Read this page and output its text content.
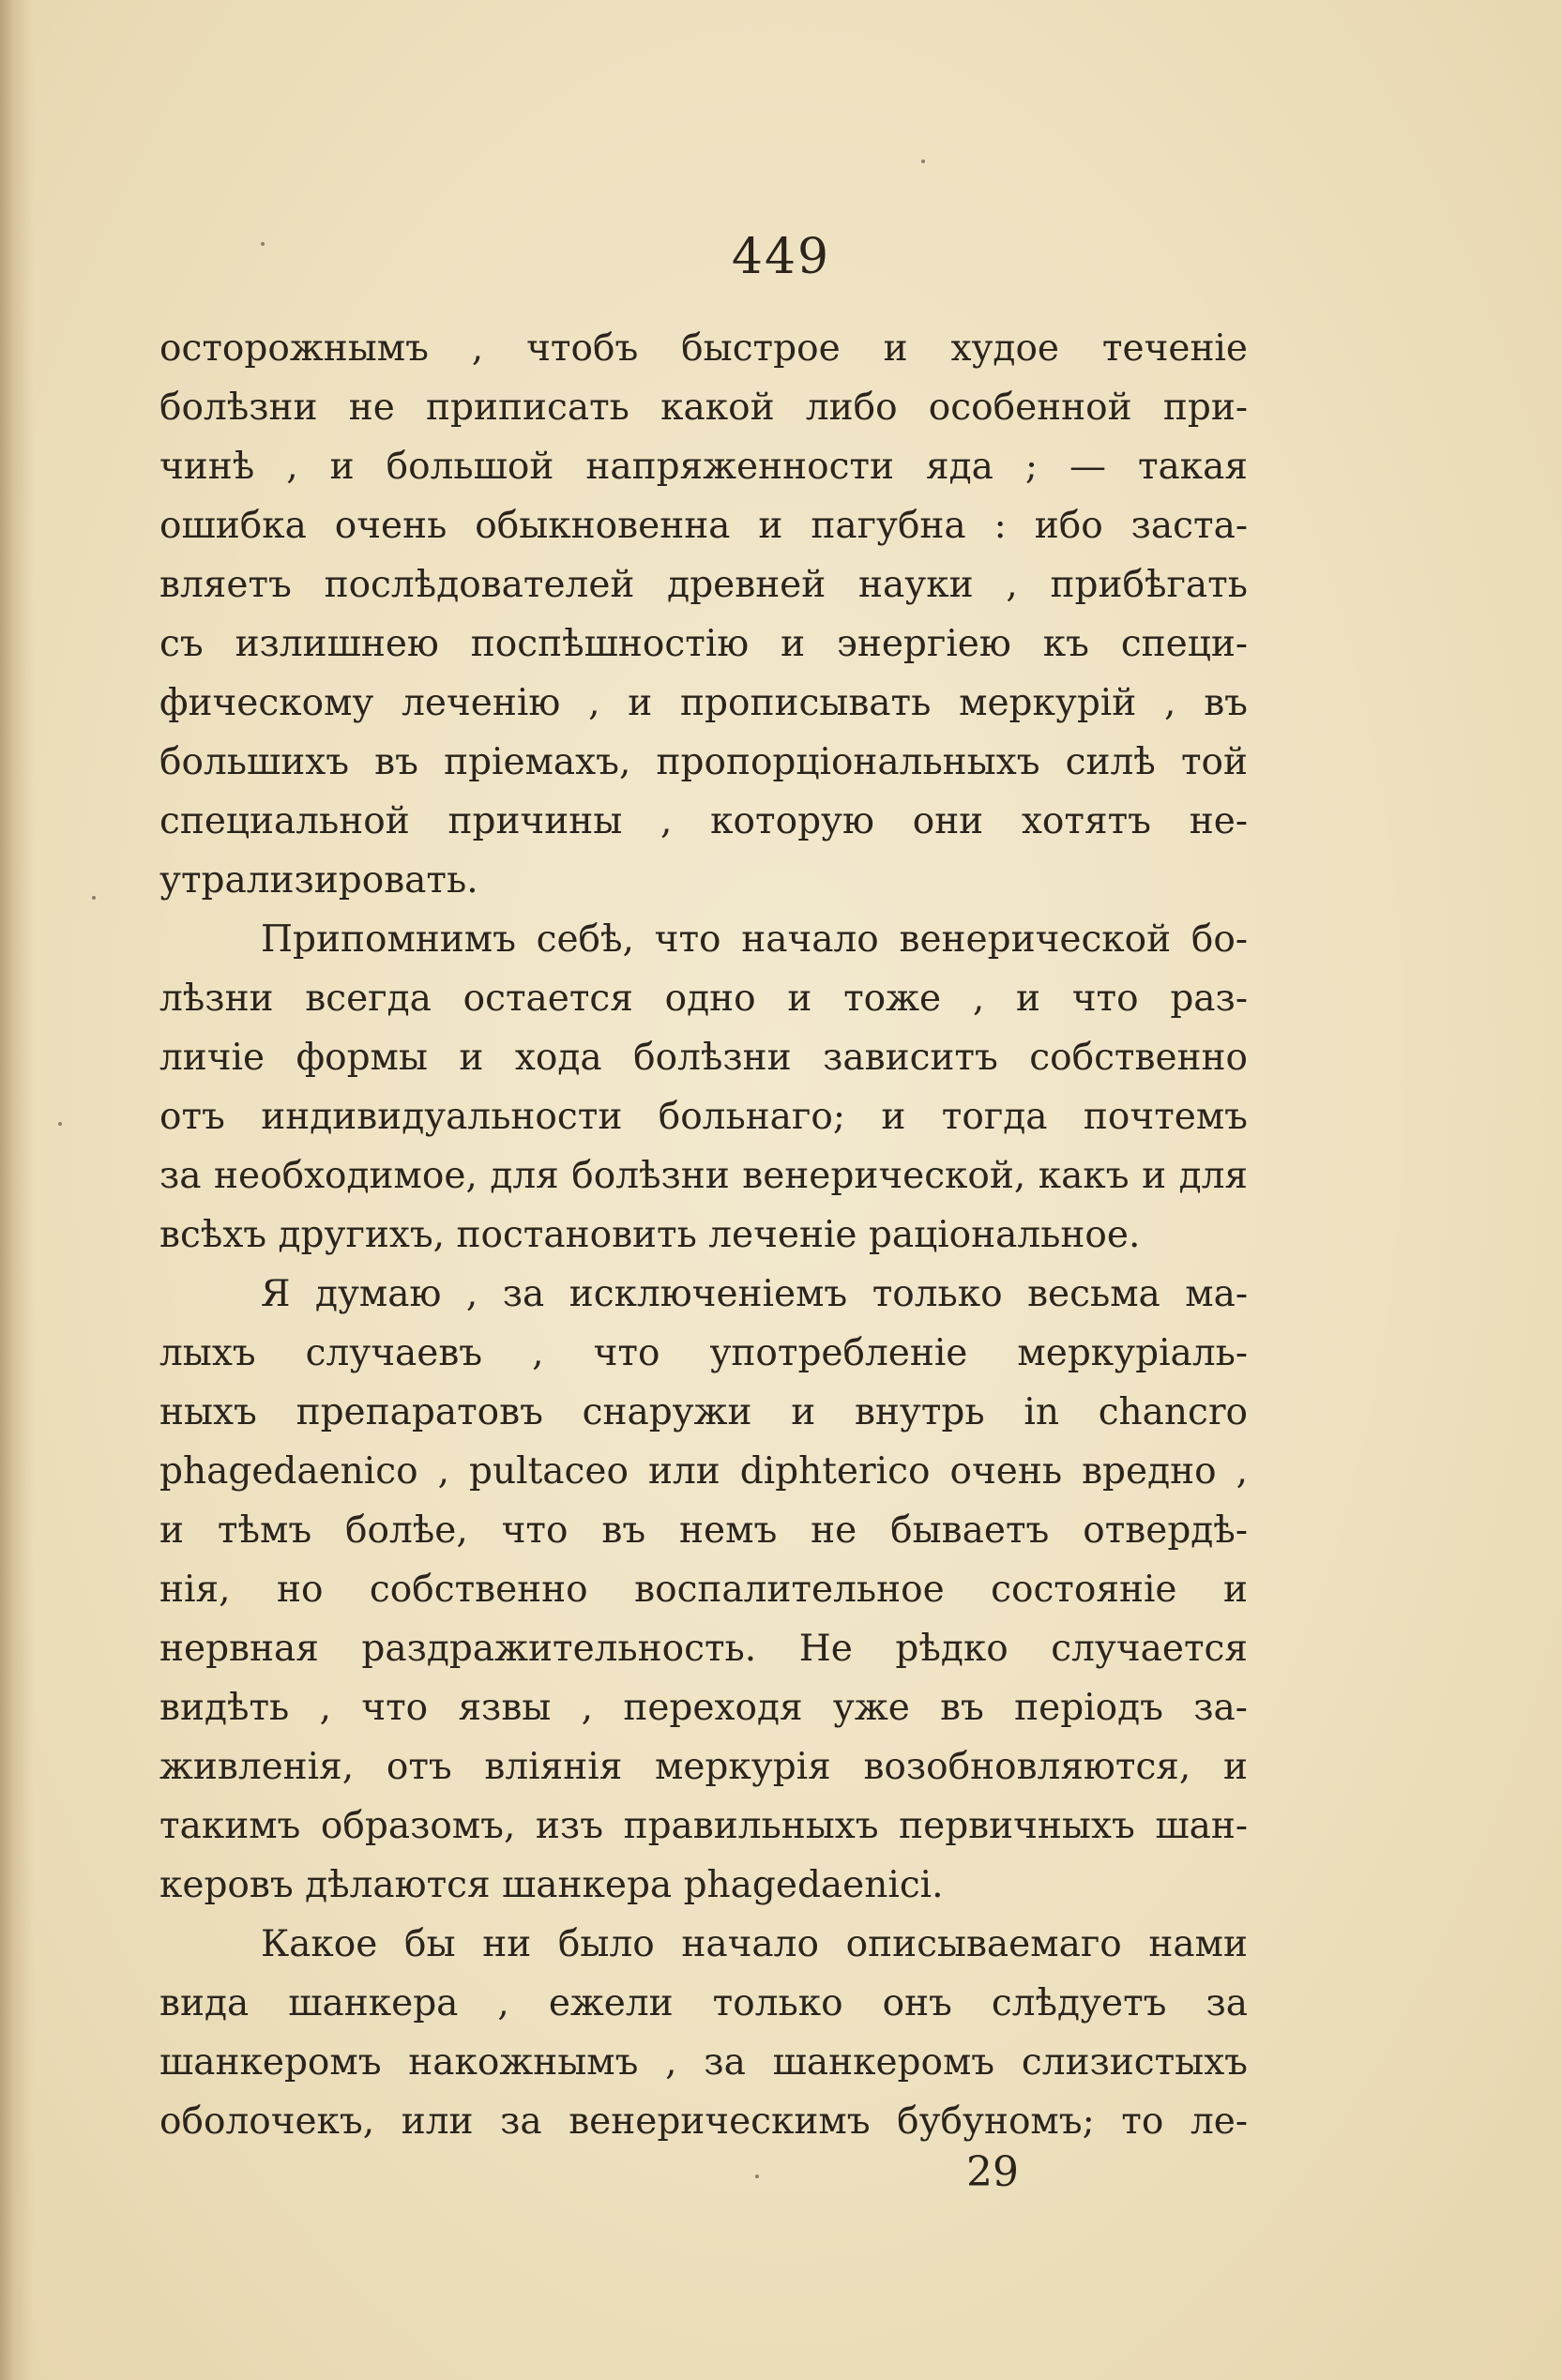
449
осторожнымъ , чтобъ быстрое и худое теченіе
болѣзни не приписать какой либо особенной при-
чинѣ , и большой напряженности яда ; — такая
ошибка очень обыкновенна и пагубна : ибо заста-
вляетъ послѣдователей древней науки , прибѣгать
съ излишнею поспѣшностію и энергіею къ специ-
фическому леченію , и прописывать меркурій , въ
большихъ въ пріемахъ, пропорціональныхъ силѣ той
специальной причины , которую они хотятъ не-
утрализировать.
Припомнимъ себѣ, что начало венерической бо-
лѣзни всегда остается одно и тоже , и что раз-
личіе формы и хода болѣзни зависитъ собственно
отъ индивидуальности больнаго; и тогда почтемъ
за необходимое, для болѣзни венерической, какъ и для
всѣхъ другихъ, постановить леченіе раціональное.
Я думаю , за исключеніемъ только весьма ма-
лыхъ случаевъ , что употребленіе меркуріаль-
ныхъ препаратовъ снаружи и внутрь in chancro
phagedaenico , pultaceo или diphterico очень вредно ,
и тѣмъ болѣе, что въ немъ не бываетъ отвердѣ-
нія, но собственно воспалительное состояніе и
нервная раздражительность. Не рѣдко случается
видѣть , что язвы , переходя уже въ періодъ за-
живленія, отъ вліянія меркурія возобновляются, и
такимъ образомъ, изъ правильныхъ первичныхъ шан-
керовъ дѣлаются шанкера phagedaenici.
Какое бы ни было начало описываемаго нами
вида шанкера , ежели только онъ слѣдуетъ за
шанкеромъ накожнымъ , за шанкеромъ слизистыхъ
оболочекъ, или за венерическимъ бубуномъ; то ле-
29
